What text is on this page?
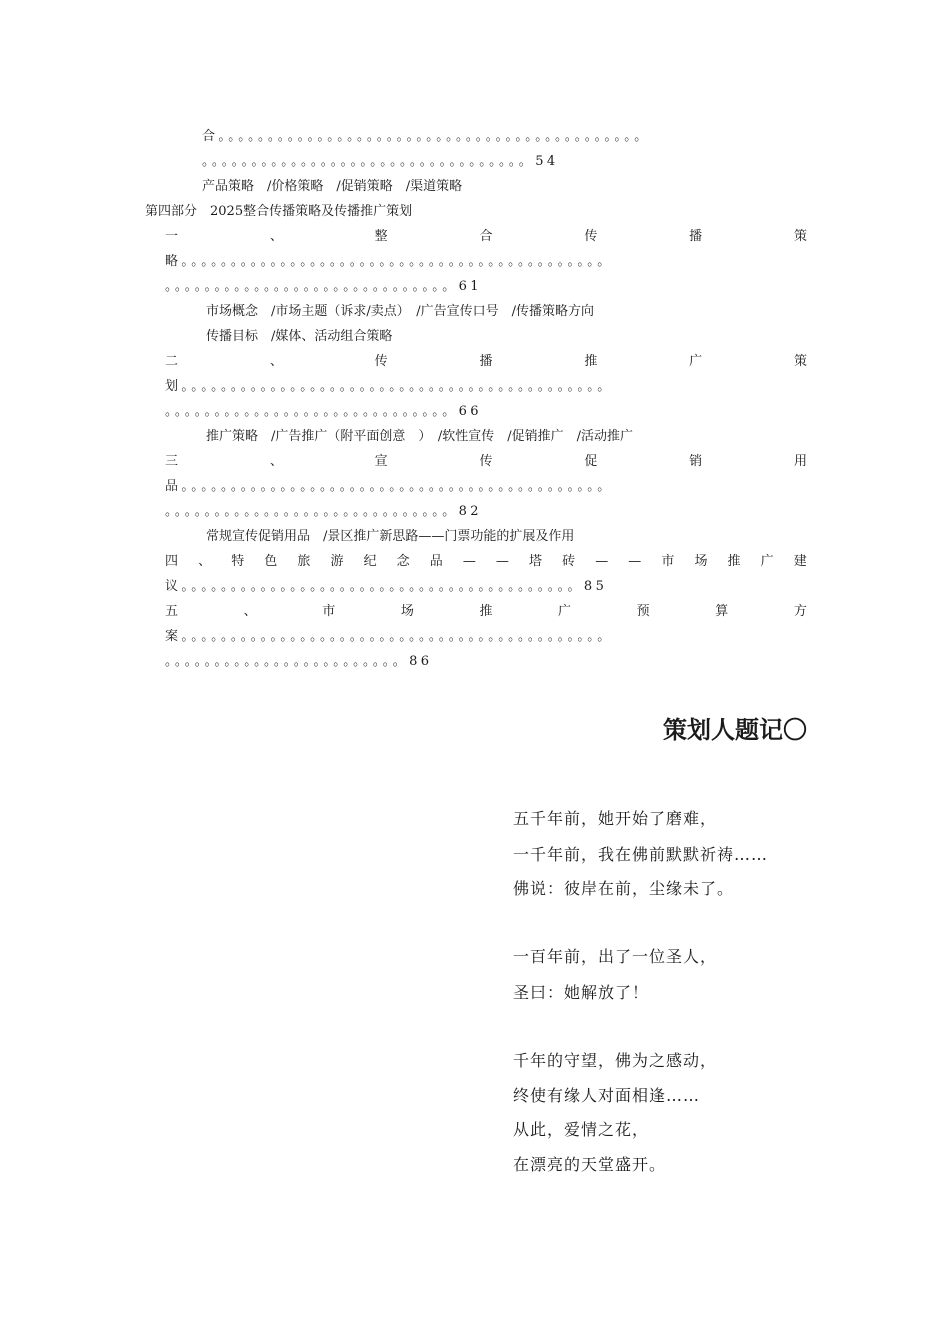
合。。。。。。。。。。。。。。。。。。。。。。。。。。。。。。。。。。。。。。。。。。。
。。。。。。。。。。。。。。。。。。。。。。。。。。。。。。。。。54
产品策略　/价格策略　/促销策略　/渠道策略
第四部分　2025整合传播策略及传播推广策划
一	、	整	合	传	播	策
略。。。。。。。。。。。。。。。。。。。。。。。。。。。。。。。。。。。。。。。。。。。
。。。。。。。。。。。。。。。。。。。。。。。。。。。。。61
市场概念　/市场主题（诉求/卖点）　/广告宣传口号　/传播策略方向
传播目标　/媒体、活动组合策略
二	、	传	播	推	广	策
划。。。。。。。。。。。。。。。。。。。。。。。。。。。。。。。。。。。。。。。。。。。
。。。。。。。。。。。。。。。。。。。。。。。。。。。。。66
推广策略　/广告推广（附平面创意　）　/软性宣传　/促销推广　/活动推广
三	、	宣	传	促	销	用
品。。。。。。。。。。。。。。。。。。。。。。。。。。。。。。。。。。。。。。。。。。。
。。。。。。。。。。。。。。。。。。。。。。。。。。。。。82
常规宣传促销用品　/景区推广新思路——门票功能的扩展及作用
四 、 特 色 旅 游 纪 念 品 — — 塔 砖 — — 市 场 推 广 建
议。。。。。。。。。。。。。。。。。。。。。。。。。。。。。。。。。。。。。。。。85
五	、	市	场	推	广	预	算	方
案。。。。。。。。。。。。。。。。。。。。。。。。。。。。。。。。。。。。。。。。。。。
。。。。。。。。。。。。。。。。。。。。。。。。86
策划人题记〇
五千年前，她开始了磨难，
一千年前，我在佛前默默祈祷……
佛说：彼岸在前，尘缘未了。
一百年前，出了一位圣人，
圣曰：她解放了！
千年的守望，佛为之感动，
终使有缘人对面相逢……
从此，爱情之花，
在漂亮的天堂盛开。
